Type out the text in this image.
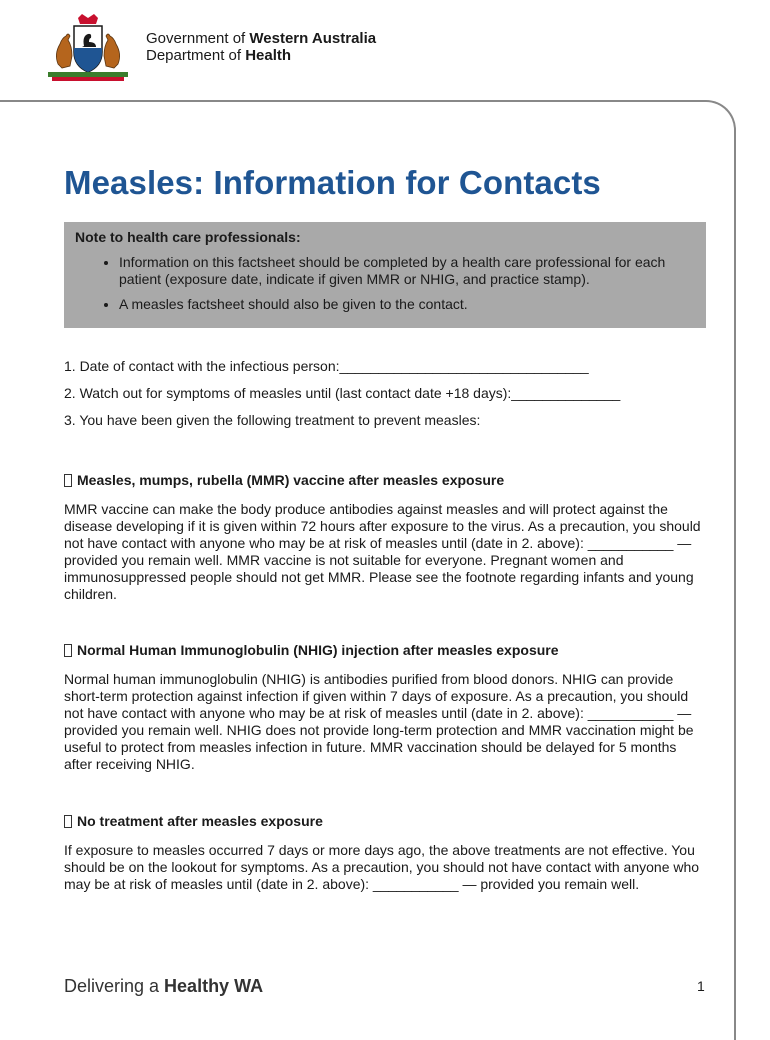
Government of Western Australia
Department of Health
Measles: Information for Contacts
Note to health care professionals:
• Information on this factsheet should be completed by a health care professional for each patient (exposure date, indicate if given MMR or NHIG, and practice stamp).
• A measles factsheet should also be given to the contact.
1. Date of contact with the infectious person:________________________________
2. Watch out for symptoms of measles until (last contact date +18 days):______________
3. You have been given the following treatment to prevent measles:
Measles, mumps, rubella (MMR) vaccine after measles exposure

MMR vaccine can make the body produce antibodies against measles and will protect against the disease developing if it is given within 72 hours after exposure to the virus. As a precaution, you should not have contact with anyone who may be at risk of measles until (date in 2. above): ___________ — provided you remain well. MMR vaccine is not suitable for everyone. Pregnant women and immunosuppressed people should not get MMR. Please see the footnote regarding infants and young children.

Normal Human Immunoglobulin (NHIG) injection after measles exposure

Normal human immunoglobulin (NHIG) is antibodies purified from blood donors. NHIG can provide short-term protection against infection if given within 7 days of exposure. As a precaution, you should not have contact with anyone who may be at risk of measles until (date in 2. above): ___________ — provided you remain well. NHIG does not provide long-term protection and MMR vaccination might be useful to protect from measles infection in future. MMR vaccination should be delayed for 5 months after receiving NHIG.

No treatment after measles exposure

If exposure to measles occurred 7 days or more days ago, the above treatments are not effective. You should be on the lookout for symptoms. As a precaution, you should not have contact with anyone who may be at risk of measles until (date in 2. above): ___________ — provided you remain well.

Delivering a Healthy WA	1
